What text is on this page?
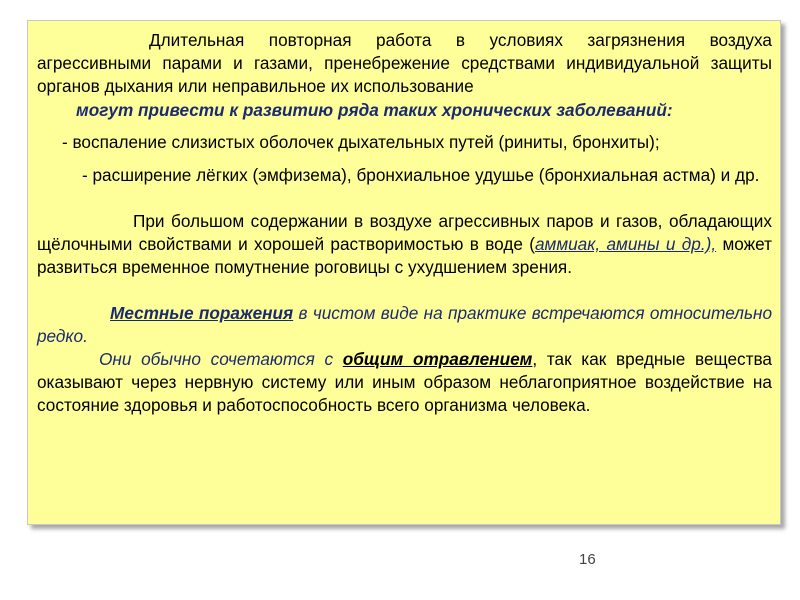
Длительная повторная работа в условиях загрязнения воздуха агрессивными парами и газами, пренебрежение средствами индивидуальной защиты органов дыхания или неправильное их использование

могут привести к развитию ряда таких хронических заболеваний:

- воспаление слизистых оболочек дыхательных путей (риниты, бронхиты);

- расширение лёгких (эмфизема), бронхиальное удушье (бронхиальная астма) и др.

При большом содержании в воздухе агрессивных паров и газов, обладающих щёлочными свойствами и хорошей растворимостью в воде (аммиак, амины и др.), может развиться временное помутнение роговицы с ухудшением зрения.

Местные поражения в чистом виде на практике встречаются относительно редко.

Они обычно сочетаются с общим отравлением, так как вредные вещества оказывают через нервную систему или иным образом неблагоприятное воздействие на состояние здоровья и работоспособность всего организма человека.

16
